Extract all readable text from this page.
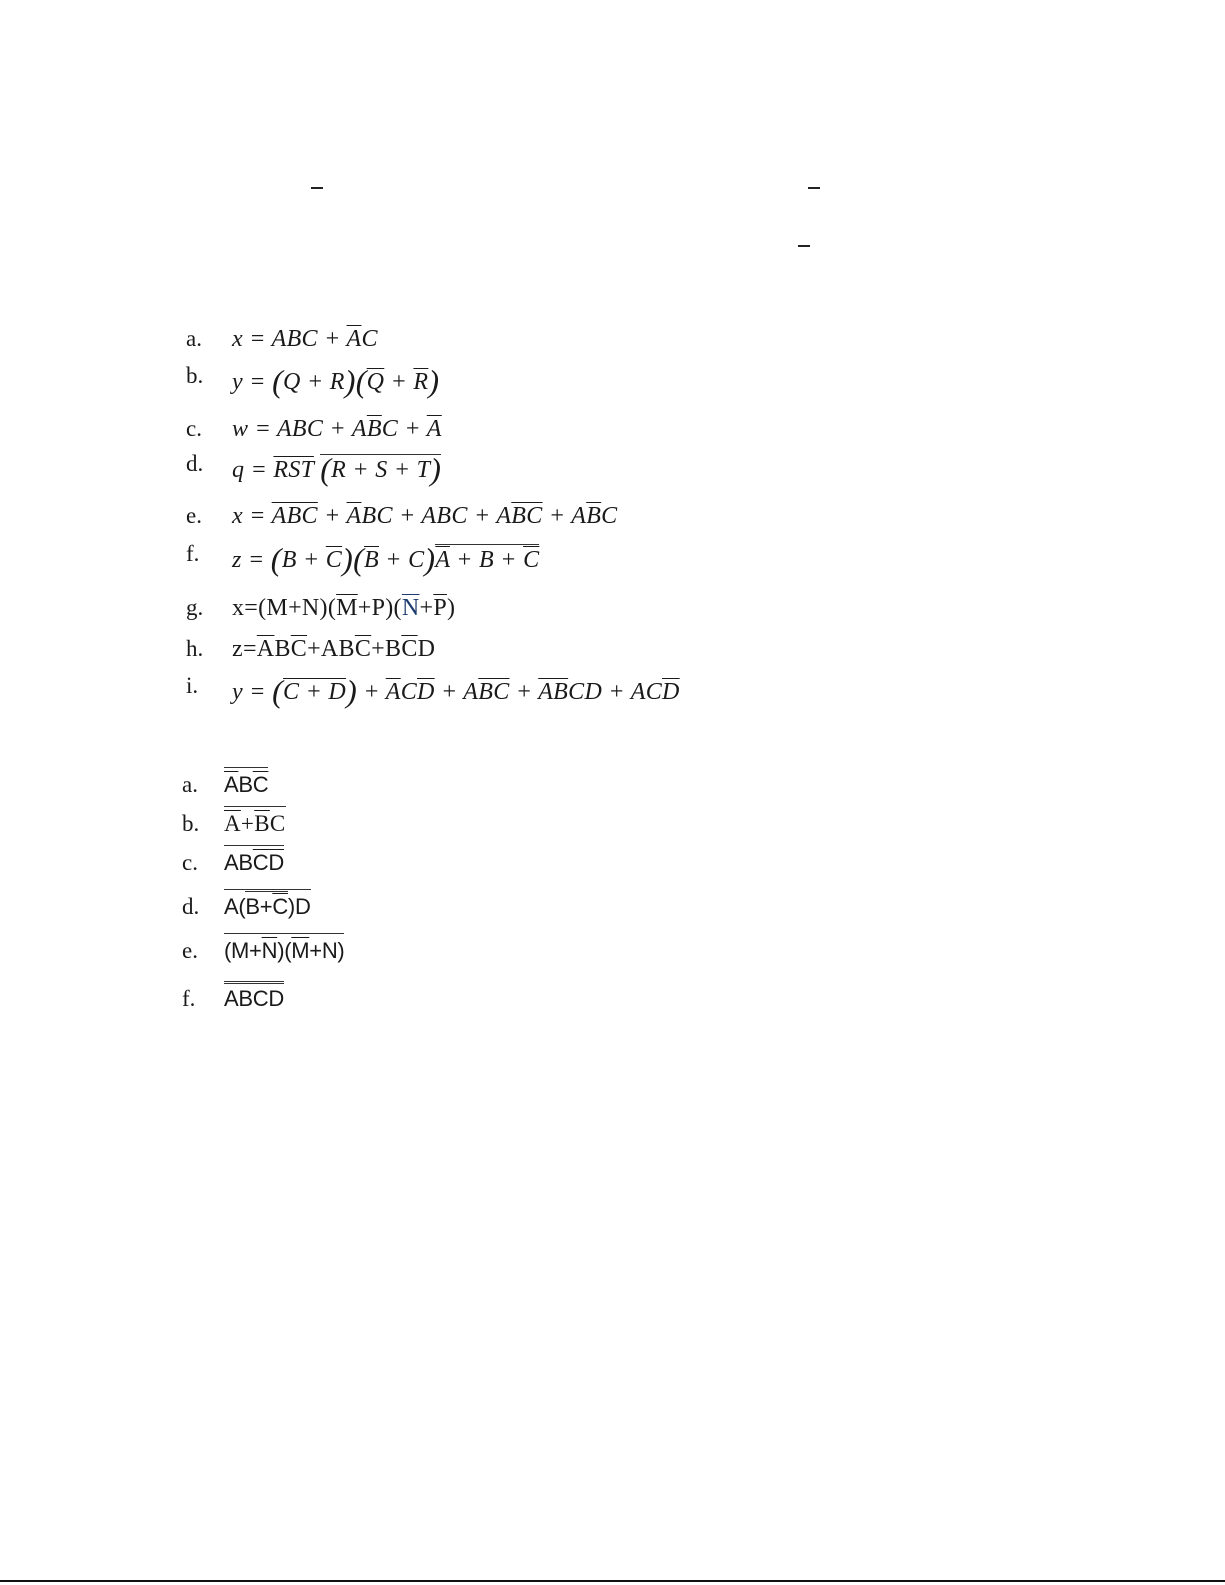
a. x = ABC + $\overline{A}C$
b. $y = (Q + R)(\overline{Q} + \overline{R})$
c. w = ABC + $A\overline{B}C + \overline{A}$
d. $q = \overline{RST}$ (R + S + T)
e. $x = \overline{ABC} + \overline{A}BC$ + ABC + $A\overline{BC} + A\overline{B}C$
f. $z = (B + \overline{C})(\overline{B} + C)\overline{A} + B + \overline{C}$
g. $x=(M+N)(\overline{M}+P)(\overline{N}+\overline{P})$
h. $z=\overline{A}B\overline{C}+AB\overline{C}+B\overline{C}D$
i. $y = (C + D) + \overline{A}C\overline{D} + A\overline{BC} + \overline{AB}CD + AC\overline{D}$
a. $\overline{A}B\overline{C}$
b. $\overline{A}+\overline{B}C$
c. $AB\overline{CD}$
d. $A(B+\overline{C})D$
e. $(M+\overline{N})(\overline{M}+N)$
f. ABCD
